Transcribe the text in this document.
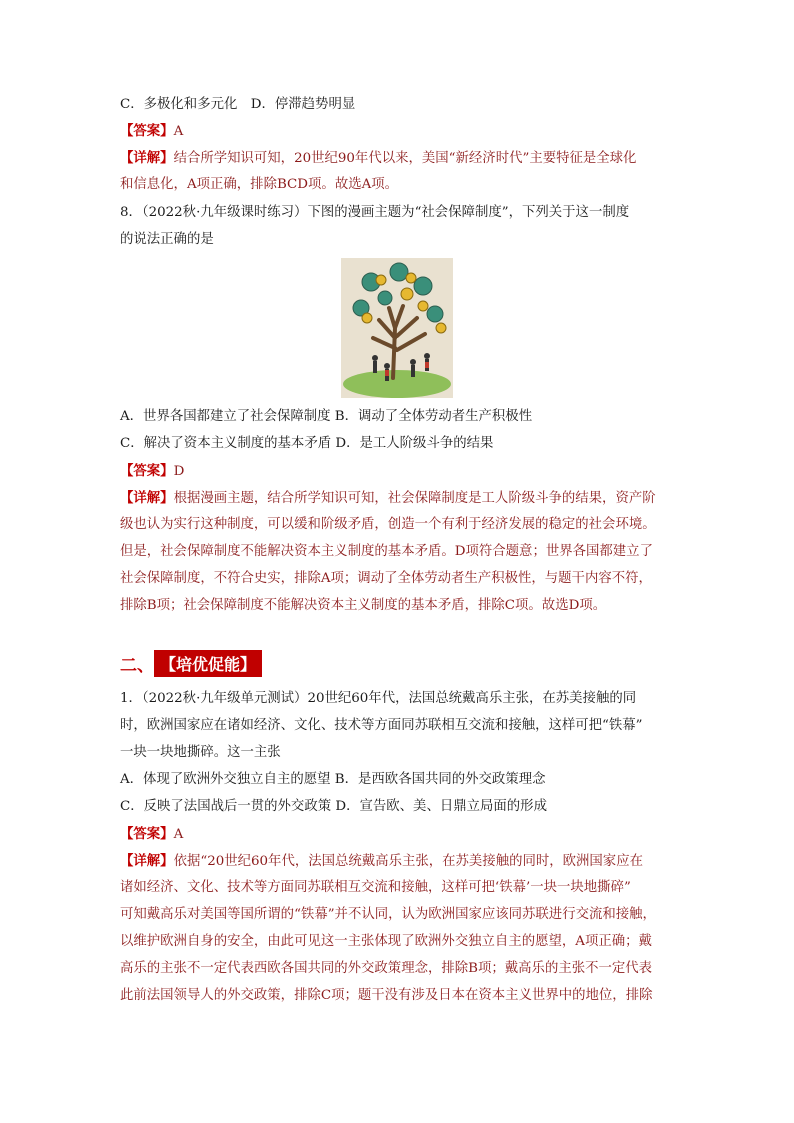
C．多极化和多元化　D．停滞趋势明显
【答案】A
【详解】结合所学知识可知，20世纪90年代以来，美国“新经济时代”主要特征是全球化
和信息化，A项正确，排除BCD项。故选A项。
8．（2022秋·九年级课时练习）下图的漫画主题为“社会保障制度”，下列关于这一制度
的说法正确的是
A．世界各国都建立了社会保障制度 B．调动了全体劳动者生产积极性
C．解决了资本主义制度的基本矛盾 D．是工人阶级斗争的结果
【答案】D
【详解】根据漫画主题，结合所学知识可知，社会保障制度是工人阶级斗争的结果，资产阶
级也认为实行这种制度，可以缓和阶级矛盾，创造一个有利于经济发展的稳定的社会环境。
但是，社会保障制度不能解决资本主义制度的基本矛盾。D项符合题意；世界各国都建立了
社会保障制度，不符合史实，排除A项；调动了全体劳动者生产积极性，与题干内容不符，
排除B项；社会保障制度不能解决资本主义制度的基本矛盾，排除C项。故选D项。
二、 【培优促能】
1．（2022秋·九年级单元测试）20世纪60年代，法国总统戴高乐主张，在苏美接触的同
时，欧洲国家应在诸如经济、文化、技术等方面同苏联相互交流和接触，这样可把“铁幕”
一块一块地撕碎。这一主张
A．体现了欧洲外交独立自主的愿望 B．是西欧各国共同的外交政策理念
C．反映了法国战后一贯的外交政策 D．宣告欧、美、日鼎立局面的形成
【答案】A
【详解】依据“20世纪60年代，法国总统戴高乐主张，在苏美接触的同时，欧洲国家应在
诸如经济、文化、技术等方面同苏联相互交流和接触，这样可把‘铁幕’一块一块地撕碎”
可知戴高乐对美国等国所谓的“铁幕”并不认同，认为欧洲国家应该同苏联进行交流和接触，
以维护欧洲自身的安全，由此可见这一主张体现了欧洲外交独立自主的愿望，A项正确；戴
高乐的主张不一定代表西欧各国共同的外交政策理念，排除B项；戴高乐的主张不一定代表
此前法国领导人的外交政策，排除C项；题干没有涉及日本在资本主义世界中的地位，排除
